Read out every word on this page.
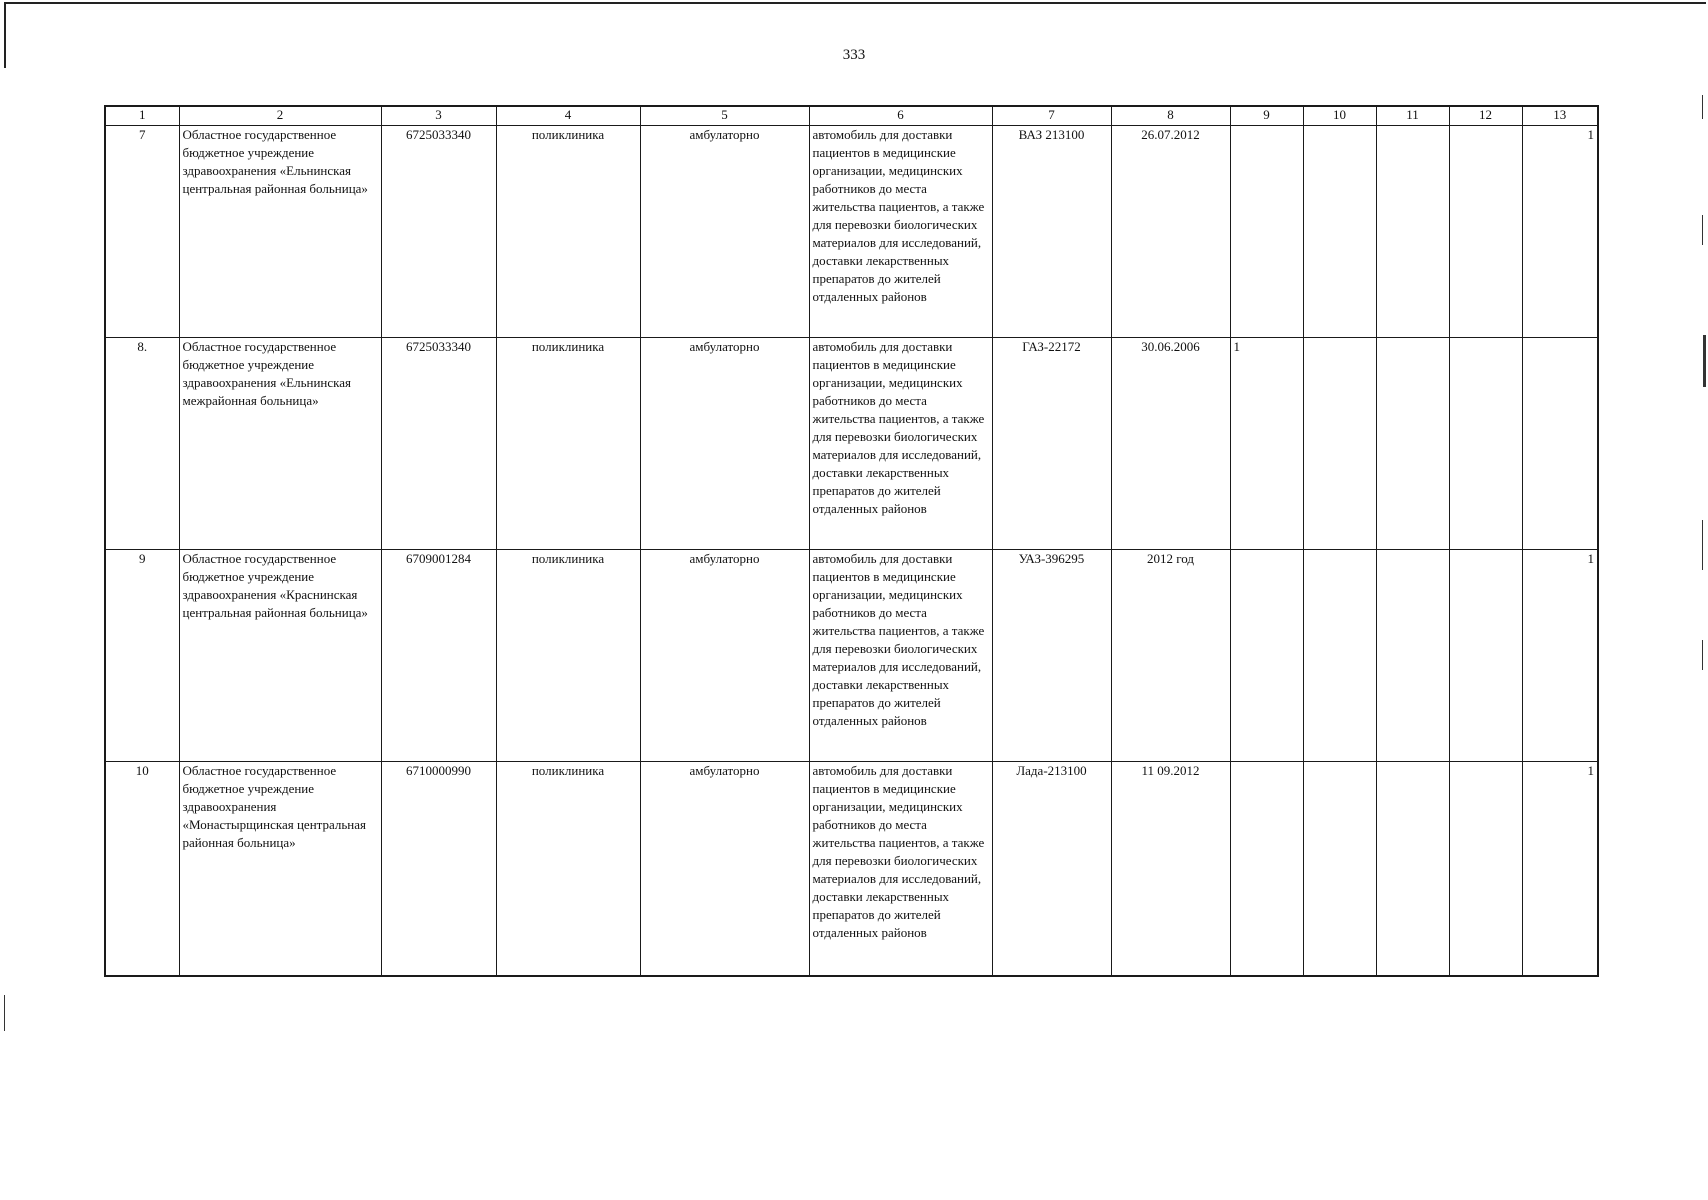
333
1	2	3	4	5	6	7	8	9	10	11	12	13
7	Областное государственное бюджетное учреждение здравоохранения «Ельнинская центральная районная больница»	6725033340	поликлиника	амбулаторно	автомобиль для доставки пациентов в медицинские организации, медицинских работников до места жительства пациентов, а также для перевозки биологических материалов для исследований, доставки лекарственных препаратов до жителей отдаленных районов	ВАЗ 213100	26.07.2012					1
8.	Областное государственное бюджетное учреждение здравоохранения «Ельнинская межрайонная больница»	6725033340	поликлиника	амбулаторно	автомобиль для доставки пациентов в медицинские организации, медицинских работников до места жительства пациентов, а также для перевозки биологических материалов для исследований, доставки лекарственных препаратов до жителей отдаленных районов	ГАЗ-22172	30.06.2006	1				
9	Областное государственное бюджетное учреждение здравоохранения «Краснинская центральная районная больница»	6709001284	поликлиника	амбулаторно	автомобиль для доставки пациентов в медицинские организации, медицинских работников до места жительства пациентов, а также для перевозки биологических материалов для исследований, доставки лекарственных препаратов до жителей отдаленных районов	УАЗ-396295	2012 год					1
10	Областное государственное бюджетное учреждение здравоохранения «Монастырщинская центральная районная больница»	6710000990	поликлиника	амбулаторно	автомобиль для доставки пациентов в медицинские организации, медицинских работников до места жительства пациентов, а также для перевозки биологических материалов для исследований, доставки лекарственных препаратов до жителей отдаленных районов	Лада-213100	11 09.2012					1
